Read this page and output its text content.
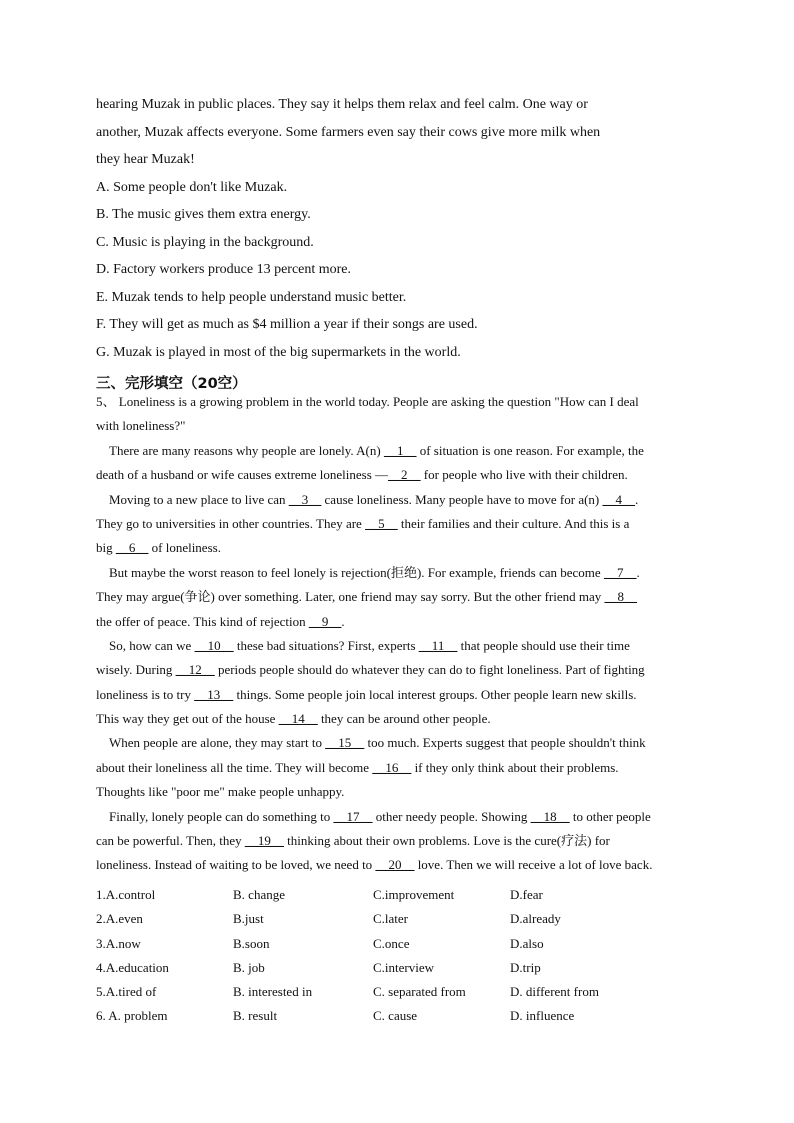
hearing Muzak in public places. They say it helps them relax and feel calm. One way or
another, Muzak affects everyone. Some farmers even say their cows give more milk when
they hear Muzak!
A. Some people don't like Muzak.
B. The music gives them extra energy.
C. Music is playing in the background.
D. Factory workers produce 13 percent more.
E. Muzak tends to help people understand music better.
F. They will get as much as $4 million a year if their songs are used.
G. Muzak is played in most of the big supermarkets in the world.
三、完形填空（20空）
5、 Loneliness is a growing problem in the world today. People are asking the question "How can I deal
with loneliness?"
There are many reasons why people are lonely. A(n) __1__ of situation is one reason. For example, the
death of a husband or wife causes extreme loneliness —__2__ for people who live with their children.
Moving to a new place to live can __3__ cause loneliness. Many people have to move for a(n) __4__.
They go to universities in other countries. They are __5__ their families and their culture. And this is a
big __6__ of loneliness.
But maybe the worst reason to feel lonely is rejection(拒绝). For example, friends can become __7__.
They may argue(争论) over something. Later, one friend may say sorry. But the other friend may __8__
the offer of peace. This kind of rejection __9__.
So, how can we __10__ these bad situations? First, experts __11__ that people should use their time
wisely. During __12__ periods people should do whatever they can do to fight loneliness. Part of fighting
loneliness is to try __13__ things. Some people join local interest groups. Other people learn new skills.
This way they get out of the house __14__ they can be around other people.
When people are alone, they may start to __15__ too much. Experts suggest that people shouldn't think
about their loneliness all the time. They will become __16__ if they only think about their problems.
Thoughts like "poor me" make people unhappy.
Finally, lonely people can do something to __17__ other needy people. Showing __18__ to other people
can be powerful. Then, they __19__ thinking about their own problems. Love is the cure(疗法) for
loneliness. Instead of waiting to be loved, we need to __20__ love. Then we will receive a lot of love back.
1.A.control	B. change	C.improvement	D.fear
2.A.even	B.just	C.later	D.already
3.A.now	B.soon	C.once	D.also
4.A.education	B. job	C.interview	D.trip
5.A.tired of	B. interested in	C. separated from	D. different from
6. A. problem	B. result	C. cause	D. influence
